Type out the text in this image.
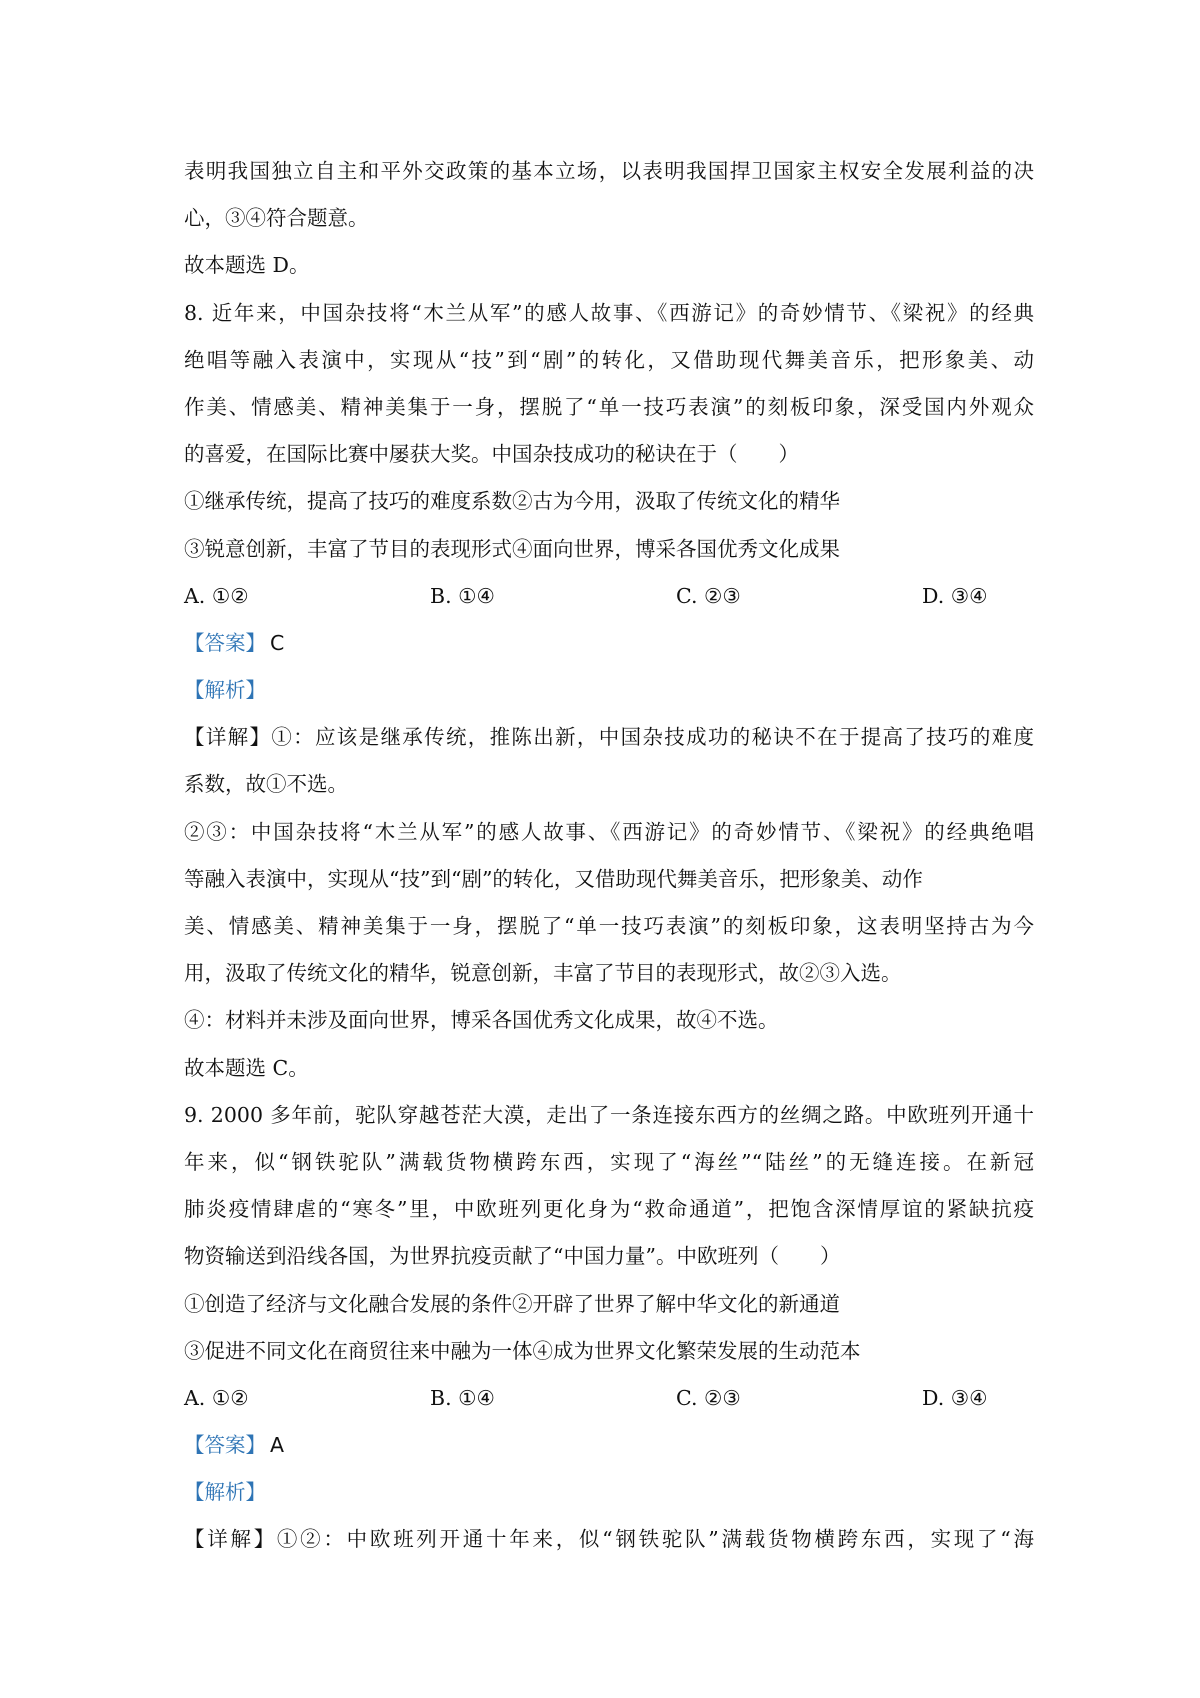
表明我国独立自主和平外交政策的基本立场，以表明我国捍卫国家主权安全发展利益的决
心，③④符合题意。
故本题选 D。
8. 近年来，中国杂技将“木兰从军”的感人故事、《西游记》的奇妙情节、《梁祝》的经典
绝唱等融入表演中，实现从“技”到“剧”的转化，又借助现代舞美音乐，把形象美、动
作美、情感美、精神美集于一身，摆脱了“单一技巧表演”的刻板印象，深受国内外观众
的喜爱，在国际比赛中屡获大奖。中国杂技成功的秘诀在于（　　）
①继承传统，提高了技巧的难度系数②古为今用，汲取了传统文化的精华
③锐意创新，丰富了节目的表现形式④面向世界，博采各国优秀文化成果
A. ①②	B. ①④	C. ②③	D. ③④
【答案】 C
【解析】
【详解】①：应该是继承传统，推陈出新，中国杂技成功的秘诀不在于提高了技巧的难度
系数，故①不选。
②③：中国杂技将“木兰从军”的感人故事、《西游记》的奇妙情节、《梁祝》的经典绝唱
等融入表演中，实现从“技”到“剧”的转化，又借助现代舞美音乐，把形象美、动作
美、情感美、精神美集于一身，摆脱了“单一技巧表演”的刻板印象，这表明坚持古为今
用，汲取了传统文化的精华，锐意创新，丰富了节目的表现形式，故②③入选。
④：材料并未涉及面向世界，博采各国优秀文化成果，故④不选。
故本题选 C。
9. 2000 多年前，驼队穿越苍茫大漠，走出了一条连接东西方的丝绸之路。中欧班列开通十
年来，似“钢铁驼队”满载货物横跨东西，实现了“海丝”“陆丝”的无缝连接。在新冠
肺炎疫情肆虐的“寒冬”里，中欧班列更化身为“救命通道”，把饱含深情厚谊的紧缺抗疫
物资输送到沿线各国，为世界抗疫贡献了“中国力量”。中欧班列（　　）
①创造了经济与文化融合发展的条件②开辟了世界了解中华文化的新通道
③促进不同文化在商贸往来中融为一体④成为世界文化繁荣发展的生动范本
A. ①②	B. ①④	C. ②③	D. ③④
【答案】 A
【解析】
【详解】①②：中欧班列开通十年来，似“钢铁驼队”满载货物横跨东西，实现了“海
